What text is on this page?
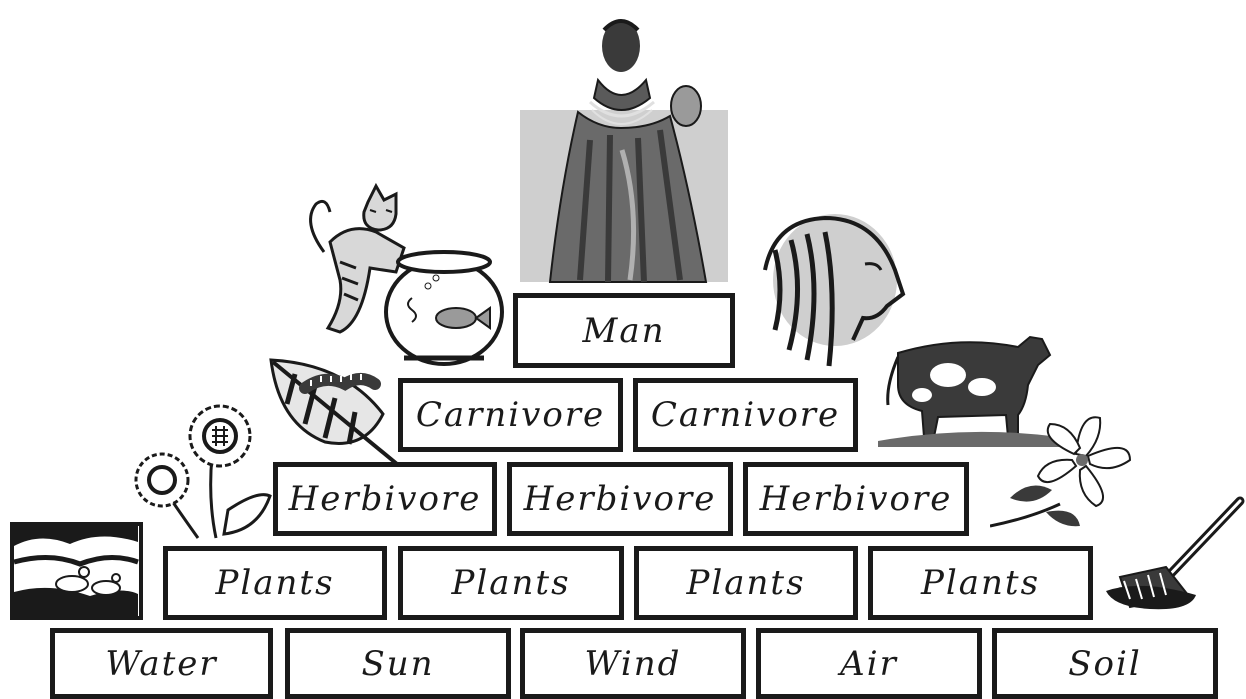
Man
Carnivore	Carnivore
Herbivore	Herbivore	Herbivore
Plants	Plants	Plants	Plants
Water	Sun	Wind	Air	Soil
